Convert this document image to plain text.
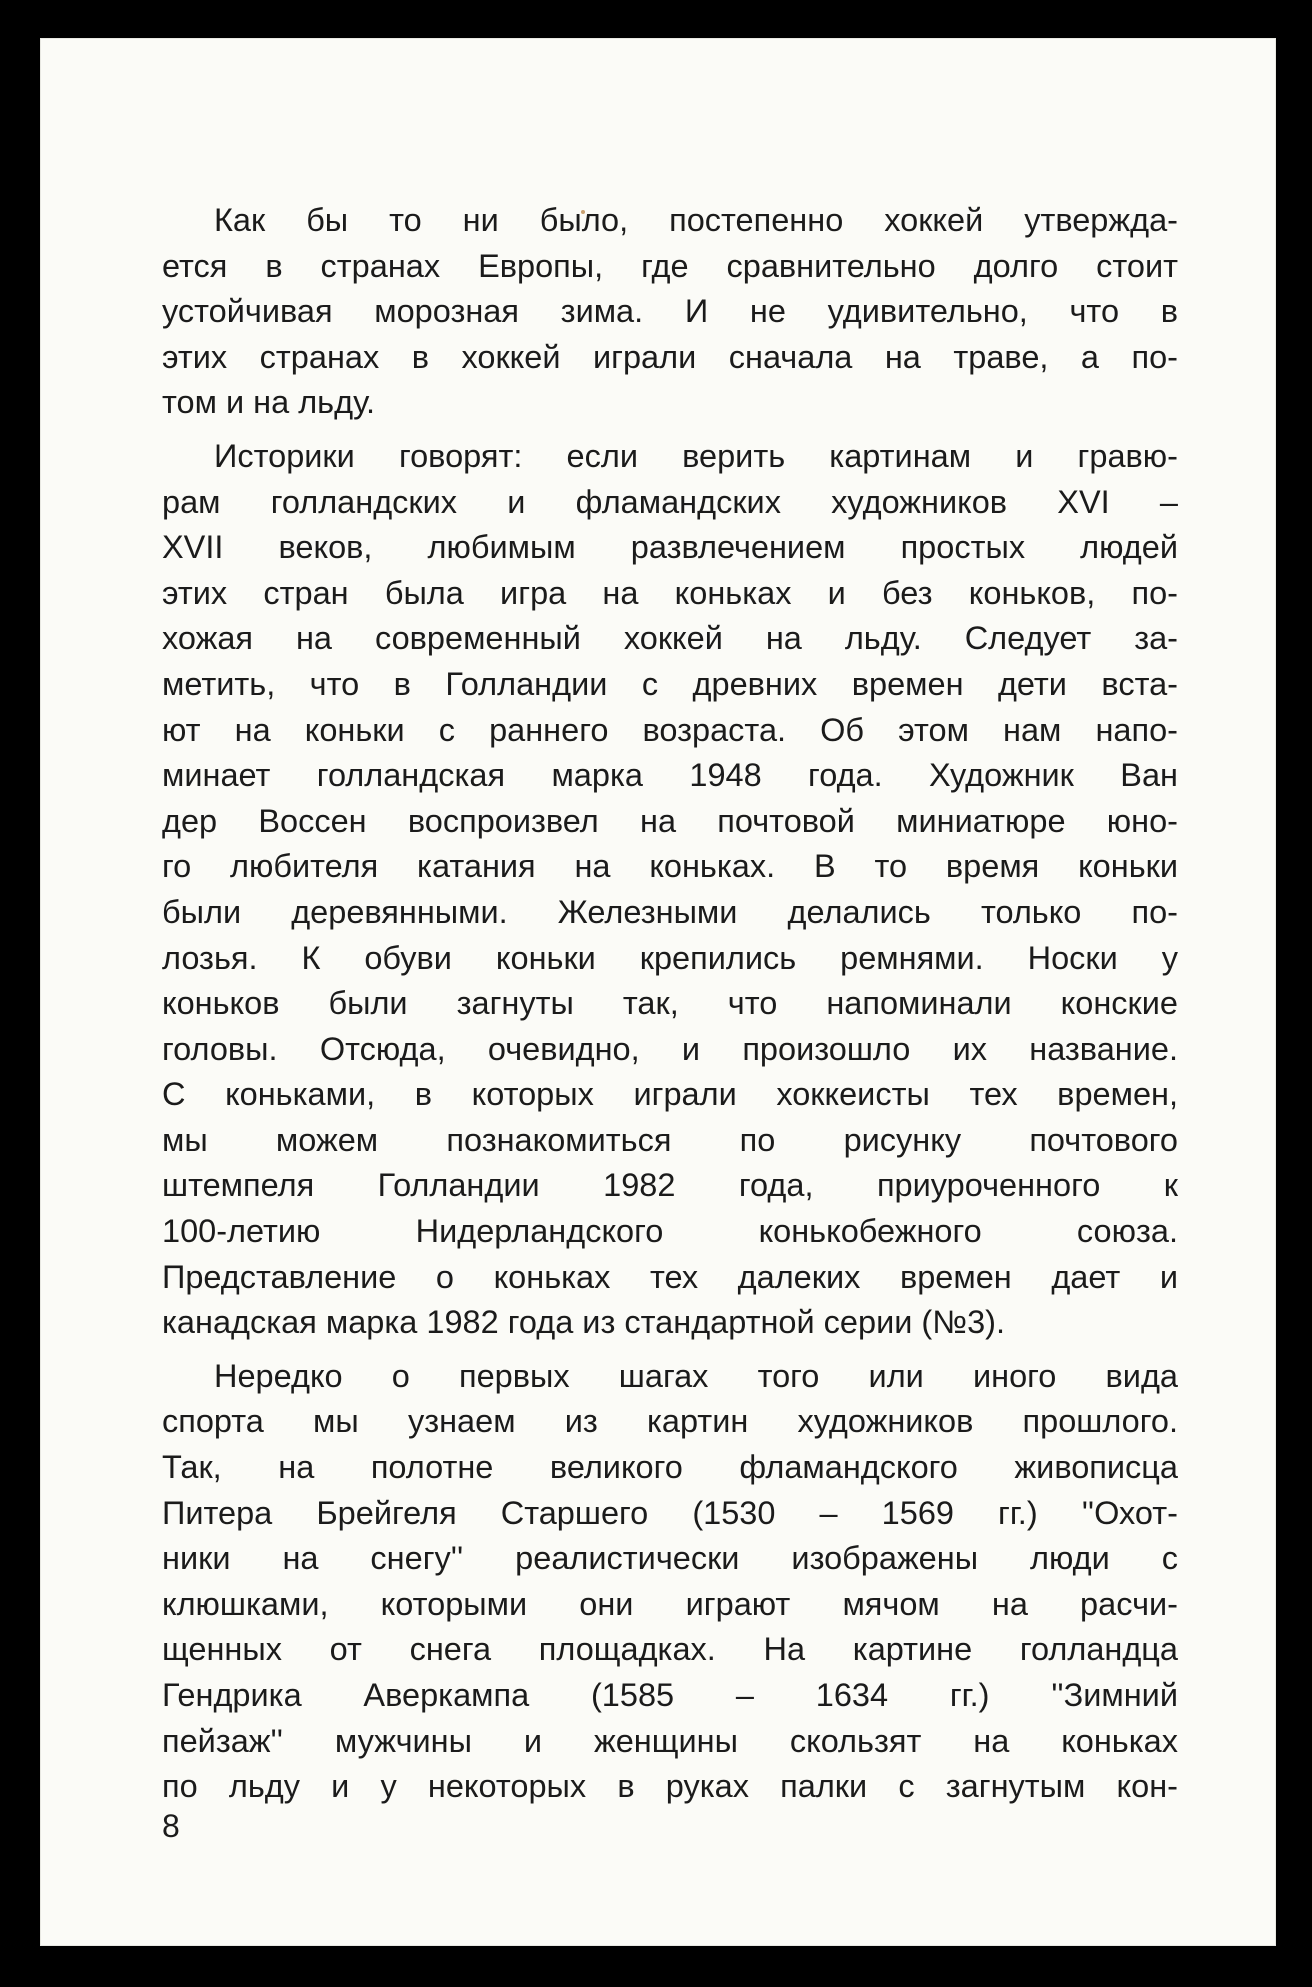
Как бы то ни было, постепенно хоккей утвержда-
ется в странах Европы, где сравнительно долго стоит
устойчивая морозная зима. И не удивительно, что в
этих странах в хоккей играли сначала на траве, а по-
том и на льду.
Историки говорят: если верить картинам и гравю-
рам голландских и фламандских художников XVI –
XVII веков, любимым развлечением простых людей
этих стран была игра на коньках и без коньков, по-
хожая на современный хоккей на льду. Следует за-
метить, что в Голландии с древних времен дети вста-
ют на коньки с раннего возраста. Об этом нам напо-
минает голландская марка 1948 года. Художник Ван
дер Воссен воспроизвел на почтовой миниатюре юно-
го любителя катания на коньках. В то время коньки
были деревянными. Железными делались только по-
лозья. К обуви коньки крепились ремнями. Носки у
коньков были загнуты так, что напоминали конские
головы. Отсюда, очевидно, и произошло их название.
С коньками, в которых играли хоккеисты тех времен,
мы можем познакомиться по рисунку почтового
штемпеля Голландии 1982 года, приуроченного к
100-летию Нидерландского конькобежного союза.
Представление о коньках тех далеких времен дает и
канадская марка 1982 года из стандартной серии (№3).
Нередко о первых шагах того или иного вида
спорта мы узнаем из картин художников прошлого.
Так, на полотне великого фламандского живописца
Питера Брейгеля Старшего (1530 – 1569 гг.) ''Охот-
ники на снегу'' реалистически изображены люди с
клюшками, которыми они играют мячом на расчи-
щенных от снега площадках. На картине голландца
Гендрика Аверкампа (1585 – 1634 гг.) ''Зимний
пейзаж'' мужчины и женщины скользят на коньках
по льду и у некоторых в руках палки с загнутым кон-
8
